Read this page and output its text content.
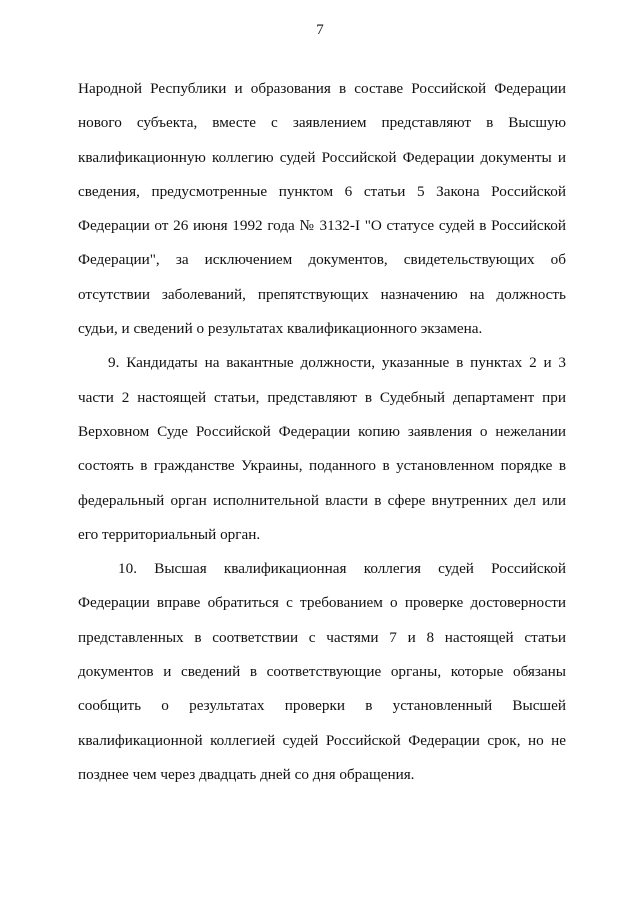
7
Народной Республики и образования в составе Российской Федерации
нового субъекта, вместе с заявлением представляют в Высшую
квалификационную коллегию судей Российской Федерации документы и
сведения, предусмотренные пунктом 6 статьи 5 Закона Российской
Федерации от 26 июня 1992 года № 3132-I "О статусе судей в Российской
Федерации", за исключением документов, свидетельствующих об
отсутствии заболеваний, препятствующих назначению на должность
судьи, и сведений о результатах квалификационного экзамена.
9. Кандидаты на вакантные должности, указанные в пунктах 2 и 3
части 2 настоящей статьи, представляют в Судебный департамент при
Верховном Суде Российской Федерации копию заявления о нежелании
состоять в гражданстве Украины, поданного в установленном порядке в
федеральный орган исполнительной власти в сфере внутренних дел или
его территориальный орган.
10. Высшая квалификационная коллегия судей Российской
Федерации вправе обратиться с требованием о проверке достоверности
представленных в соответствии с частями 7 и 8 настоящей статьи
документов и сведений в соответствующие органы, которые обязаны
сообщить о результатах проверки в установленный Высшей
квалификационной коллегией судей Российской Федерации срок, но не
позднее чем через двадцать дней со дня обращения.
